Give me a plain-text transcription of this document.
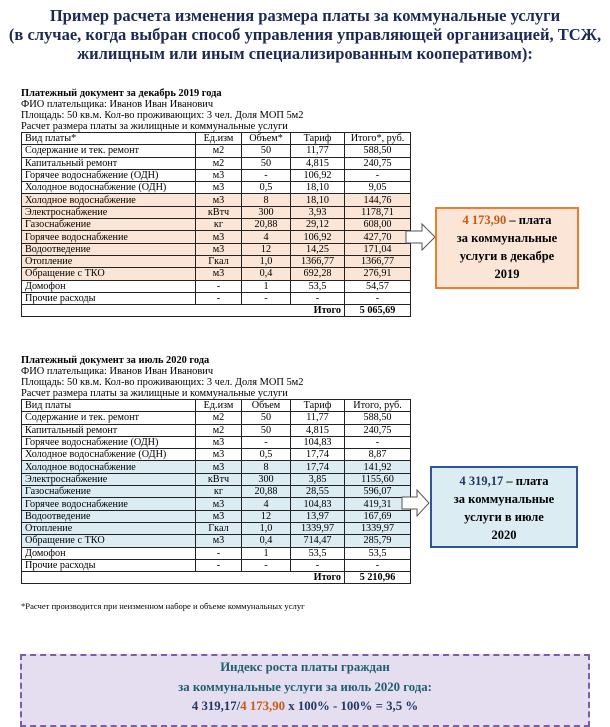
Пример расчета изменения размера платы за коммунальные услуги
(в случае, когда выбран способ управления управляющей организацией, ТСЖ,
жилищным или иным специализированным кооперативом):
Платежный документ за декабрь 2019 года
ФИО плательщика: Иванов Иван Иванович
Площадь: 50 кв.м. Кол-во проживающих: 3 чел. Доля МОП 5м2
Расчет размера платы за жилищные и коммунальные услуги
Вид платы*	Ед.изм	Объем*	Тариф	Итого*, руб.
Содержание и тек. ремонт	м2	50	11,77	588,50
Капитальный ремонт	м2	50	4,815	240,75
Горячее водоснабжение (ОДН)	м3	-	106,92	-
Холодное водоснабжение (ОДН)	м3	0,5	18,10	9,05
Холодное водоснабжение	м3	8	18,10	144,76
Электроснабжение	кВтч	300	3,93	1178,71
Газоснабжение	кг	20,88	29,12	608,00
Горячее водоснабжение	м3	4	106,92	427,70
Водоотведение	м3	12	14,25	171,04
Отопление	Гкал	1,0	1366,77	1366,77
Обращение с ТКО	м3	0,4	692,28	276,91
Домофон	-	1	53,5	54,57
Прочие расходы	-	-	-	-
Итого				5 065,69
4 173,90 – плата
за коммунальные
услуги в декабре
2019
Платежный документ за июль 2020 года
ФИО плательщика: Иванов Иван Иванович
Площадь: 50 кв.м. Кол-во проживающих: 3 чел. Доля МОП 5м2
Расчет размера платы за жилищные и коммунальные услуги
Вид платы	Ед.изм	Объем	Тариф	Итого, руб.
Содержание и тек. ремонт	м2	50	11,77	588,50
Капитальный ремонт	м2	50	4,815	240,75
Горячее водоснабжение (ОДН)	м3	-	104,83	-
Холодное водоснабжение (ОДН)	м3	0,5	17,74	8,87
Холодное водоснабжение	м3	8	17,74	141,92
Электроснабжение	кВтч	300	3,85	1155,60
Газоснабжение	кг	20,88	28,55	596,07
Горячее водоснабжение	м3	4	104,83	419,31
Водоотведение	м3	12	13,97	167,69
Отопление	Гкал	1,0	1339,97	1339,97
Обращение с ТКО	м3	0,4	714,47	285,79
Домофон	-	1	53,5	53,5
Прочие расходы	-	-	-	-
Итого				5 210,96
4 319,17 – плата
за коммунальные
услуги в июле
2020
*Расчет производится при неизменном наборе и объеме коммунальных услуг
Индекс роста платы граждан
за коммунальные услуги за июль 2020 года:
4 319,17/4 173,90 х 100% - 100% = 3,5 %
